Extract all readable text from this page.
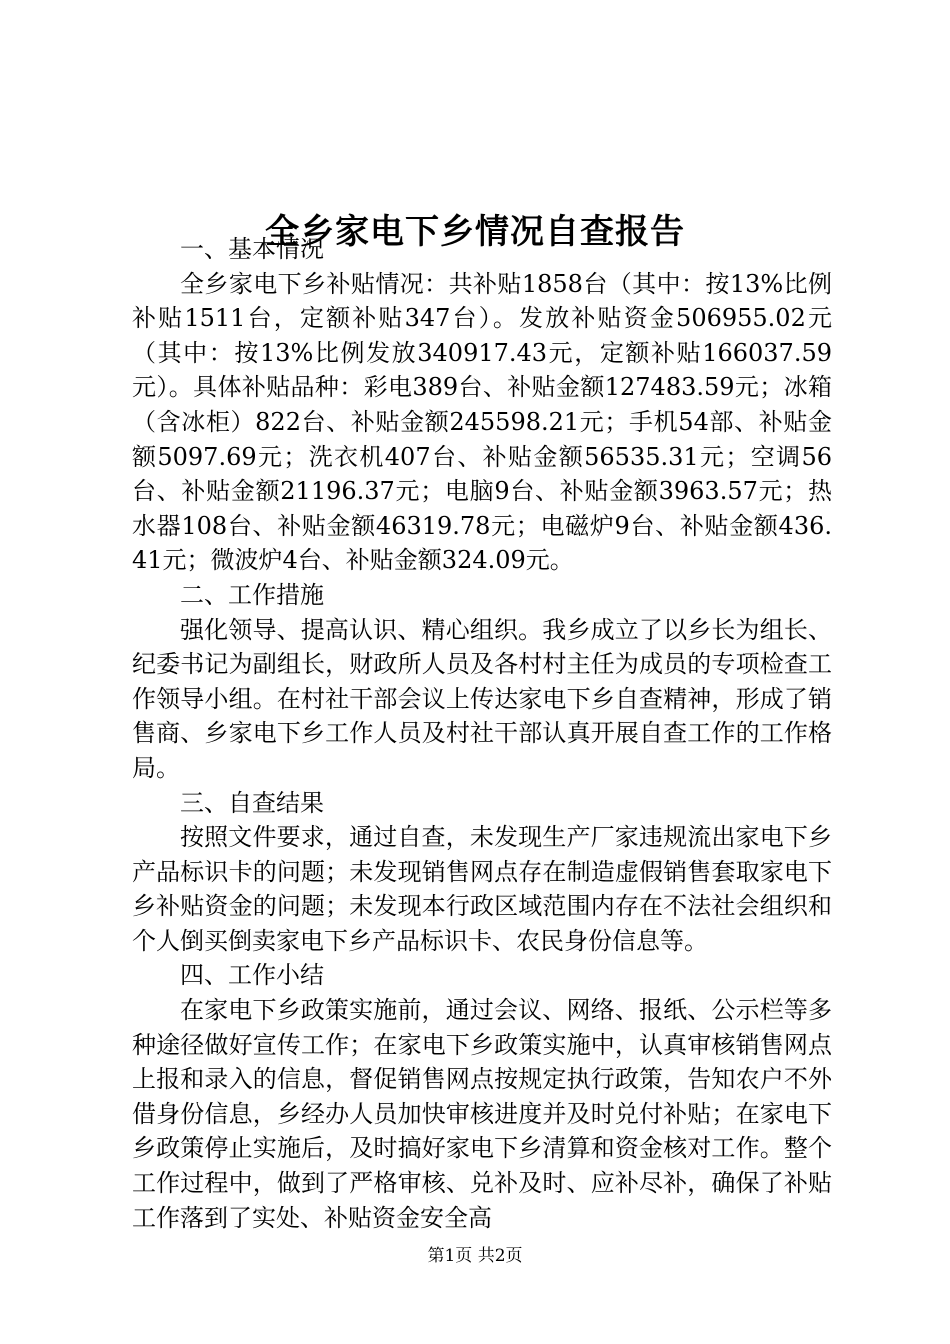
全乡家电下乡情况自查报告

一、基本情况

全乡家电下乡补贴情况：共补贴1858台（其中：按13%比例补贴1511台，定额补贴347台）。发放补贴资金506955.02元（其中：按13%比例发放340917.43元，定额补贴166037.59元）。具体补贴品种：彩电389台、补贴金额127483.59元；冰箱（含冰柜）822台、补贴金额245598.21元；手机54部、补贴金额5097.69元；洗衣机407台、补贴金额56535.31元；空调56台、补贴金额21196.37元；电脑9台、补贴金额3963.57元；热水器108台、补贴金额46319.78元；电磁炉9台、补贴金额436.41元；微波炉4台、补贴金额324.09元。

二、工作措施

强化领导、提高认识、精心组织。我乡成立了以乡长为组长、纪委书记为副组长，财政所人员及各村村主任为成员的专项检查工作领导小组。在村社干部会议上传达家电下乡自查精神，形成了销售商、乡家电下乡工作人员及村社干部认真开展自查工作的工作格局。

三、自查结果

按照文件要求，通过自查，未发现生产厂家违规流出家电下乡产品标识卡的问题；未发现销售网点存在制造虚假销售套取家电下乡补贴资金的问题；未发现本行政区域范围内存在不法社会组织和个人倒买倒卖家电下乡产品标识卡、农民身份信息等。

四、工作小结

在家电下乡政策实施前，通过会议、网络、报纸、公示栏等多种途径做好宣传工作；在家电下乡政策实施中，认真审核销售网点上报和录入的信息，督促销售网点按规定执行政策，告知农户不外借身份信息，乡经办人员加快审核进度并及时兑付补贴；在家电下乡政策停止实施后，及时搞好家电下乡清算和资金核对工作。整个工作过程中，做到了严格审核、兑补及时、应补尽补，确保了补贴工作落到了实处、补贴资金安全高

第1页 共2页
